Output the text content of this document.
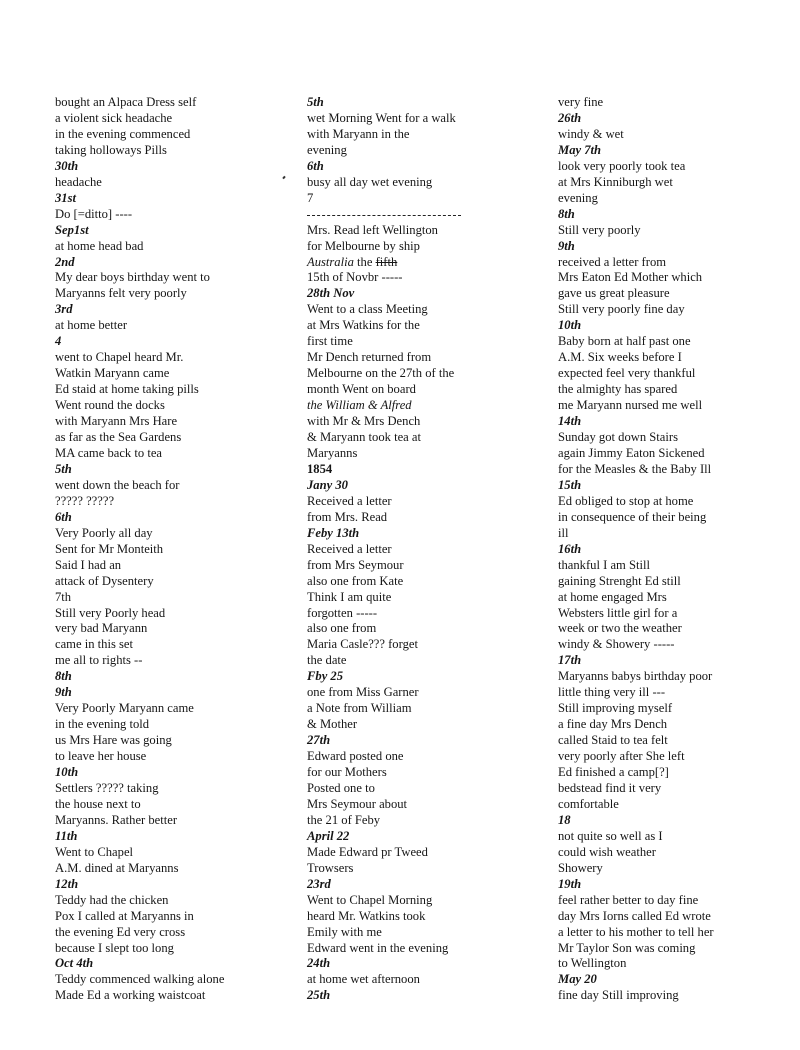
bought an Alpaca Dress self
a violent sick headache
in the evening commenced
taking holloways Pills
30th
headache
31st
Do [=ditto] ----
Sep1st
at home head bad
2nd
My dear boys birthday went to
Maryanns felt very poorly
3rd
at home better
4
went to Chapel heard Mr.
Watkin Maryann came
Ed staid at home taking pills
Went round the docks
with Maryann Mrs Hare
as far as the Sea Gardens
MA came back to tea
5th
went down the beach for
????? ?????
6th
Very Poorly all day
Sent for Mr Monteith
Said I had an
attack of Dysentery
7th
Still very Poorly head
very bad Maryann
came in this set
me all to rights --
8th
9th
Very Poorly Maryann came
in the evening told
us Mrs Hare was going
to leave her house
10th
Settlers ????? taking
the house next to
Maryanns. Rather better
11th
Went to Chapel
A.M. dined at Maryanns
12th
Teddy had the chicken
Pox I called at Maryanns in
the evening Ed very cross
because I slept too long
Oct 4th
Teddy commenced walking alone
Made Ed a working waistcoat
5th
wet Morning Went for a walk
with Maryann in the
evening
6th
busy all day wet evening
7
Mrs. Read left Wellington
for Melbourne by ship
Australia the fifth
15th of Novbr -----
28th Nov
Went to a class Meeting
at Mrs Watkins for the
first time
Mr Dench returned from
Melbourne on the 27th of the
month Went on board
the William & Alfred
with Mr & Mrs Dench
& Maryann took tea at
Maryanns
1854
Jany 30
Received a letter
from Mrs. Read
Feby 13th
Received a letter
from Mrs Seymour
also one from Kate
Think I am quite
forgotten -----
also one from
Maria Casle??? forget
the date
Fby 25
one from Miss Garner
a Note from William
& Mother
27th
Edward posted one
for our Mothers
Posted one to
Mrs Seymour about
the 21 of Feby
April 22
Made Edward pr Tweed
Trowsers
23rd
Went to Chapel Morning
heard Mr. Watkins took
Emily with me
Edward went in the evening
24th
at home wet afternoon
25th
very fine
26th
windy & wet
May 7th
look very poorly took tea
at Mrs Kinniburgh wet
evening
8th
Still very poorly
9th
received a letter from
Mrs Eaton Ed Mother which
gave us great pleasure
Still very poorly fine day
10th
Baby born at half past one
A.M. Six weeks before I
expected feel very thankful
the almighty has spared
me Maryann nursed me well
14th
Sunday got down Stairs
again Jimmy Eaton Sickened
for the Measles & the Baby Ill
15th
Ed obliged to stop at home
in consequence of their being
ill
16th
thankful I am Still
gaining Strenght Ed still
at home engaged Mrs
Websters little girl for a
week or two the weather
windy & Showery -----
17th
Maryanns babys birthday poor
little thing very ill ---
Still improving myself
a fine day Mrs Dench
called Staid to tea felt
very poorly after She left
Ed finished a camp[?]
bedstead find it very
comfortable
18
not quite so well as I
could wish weather
Showery
19th
feel rather better to day fine
day Mrs Iorns called Ed wrote
a letter to his mother to tell her
Mr Taylor Son was coming
to Wellington
May 20
fine day Still improving
